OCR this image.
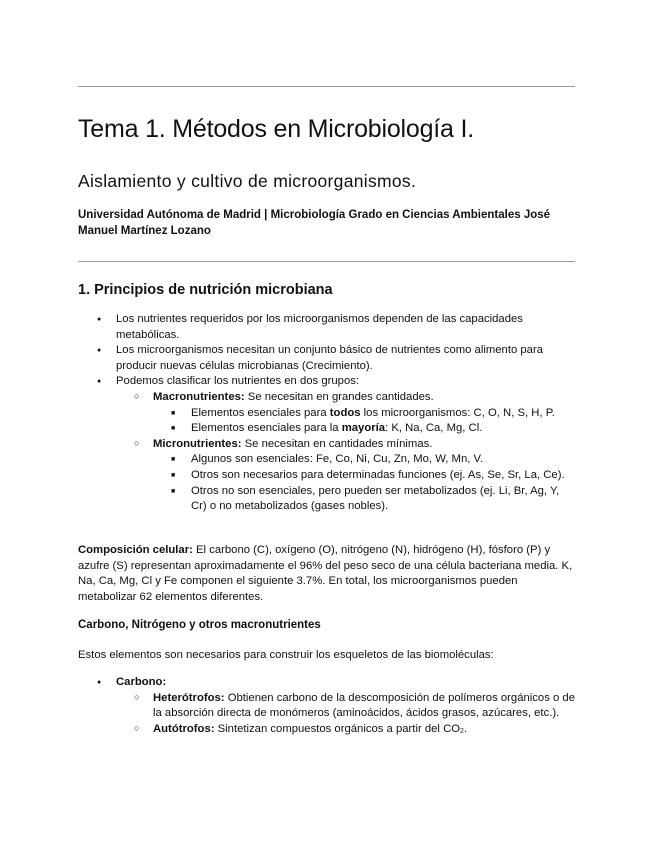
Tema 1. Métodos en Microbiología I.
Aislamiento y cultivo de microorganismos.
Universidad Autónoma de Madrid | Microbiología Grado en Ciencias Ambientales José Manuel Martínez Lozano
1. Principios de nutrición microbiana
● Los nutrientes requeridos por los microorganismos dependen de las capacidades metabólicas.
● Los microorganismos necesitan un conjunto básico de nutrientes como alimento para producir nuevas células microbianas (Crecimiento).
● Podemos clasificar los nutrientes en dos grupos:
○ Macronutrientes: Se necesitan en grandes cantidades.
■ Elementos esenciales para todos los microorganismos: C, O, N, S, H, P.
■ Elementos esenciales para la mayoría: K, Na, Ca, Mg, Cl.
○ Micronutrientes: Se necesitan en cantidades mínimas.
■ Algunos son esenciales: Fe, Co, Ni, Cu, Zn, Mo, W, Mn, V.
■ Otros son necesarios para determinadas funciones (ej. As, Se, Sr, La, Ce).
■ Otros no son esenciales, pero pueden ser metabolizados (ej. Li, Br, Ag, Y, Cr) o no metabolizados (gases nobles).
Composición celular: El carbono (C), oxígeno (O), nitrógeno (N), hidrógeno (H), fósforo (P) y azufre (S) representan aproximadamente el 96% del peso seco de una célula bacteriana media. K, Na, Ca, Mg, Cl y Fe componen el siguiente 3.7%. En total, los microorganismos pueden metabolizar 62 elementos diferentes.
Carbono, Nitrógeno y otros macronutrientes
Estos elementos son necesarios para construir los esqueletos de las biomoléculas:
● Carbono:
○ Heterótrofos: Obtienen carbono de la descomposición de polímeros orgánicos o de la absorción directa de monómeros (aminoácidos, ácidos grasos, azúcares, etc.).
○ Autótrofos: Sintetizan compuestos orgánicos a partir del CO2.
